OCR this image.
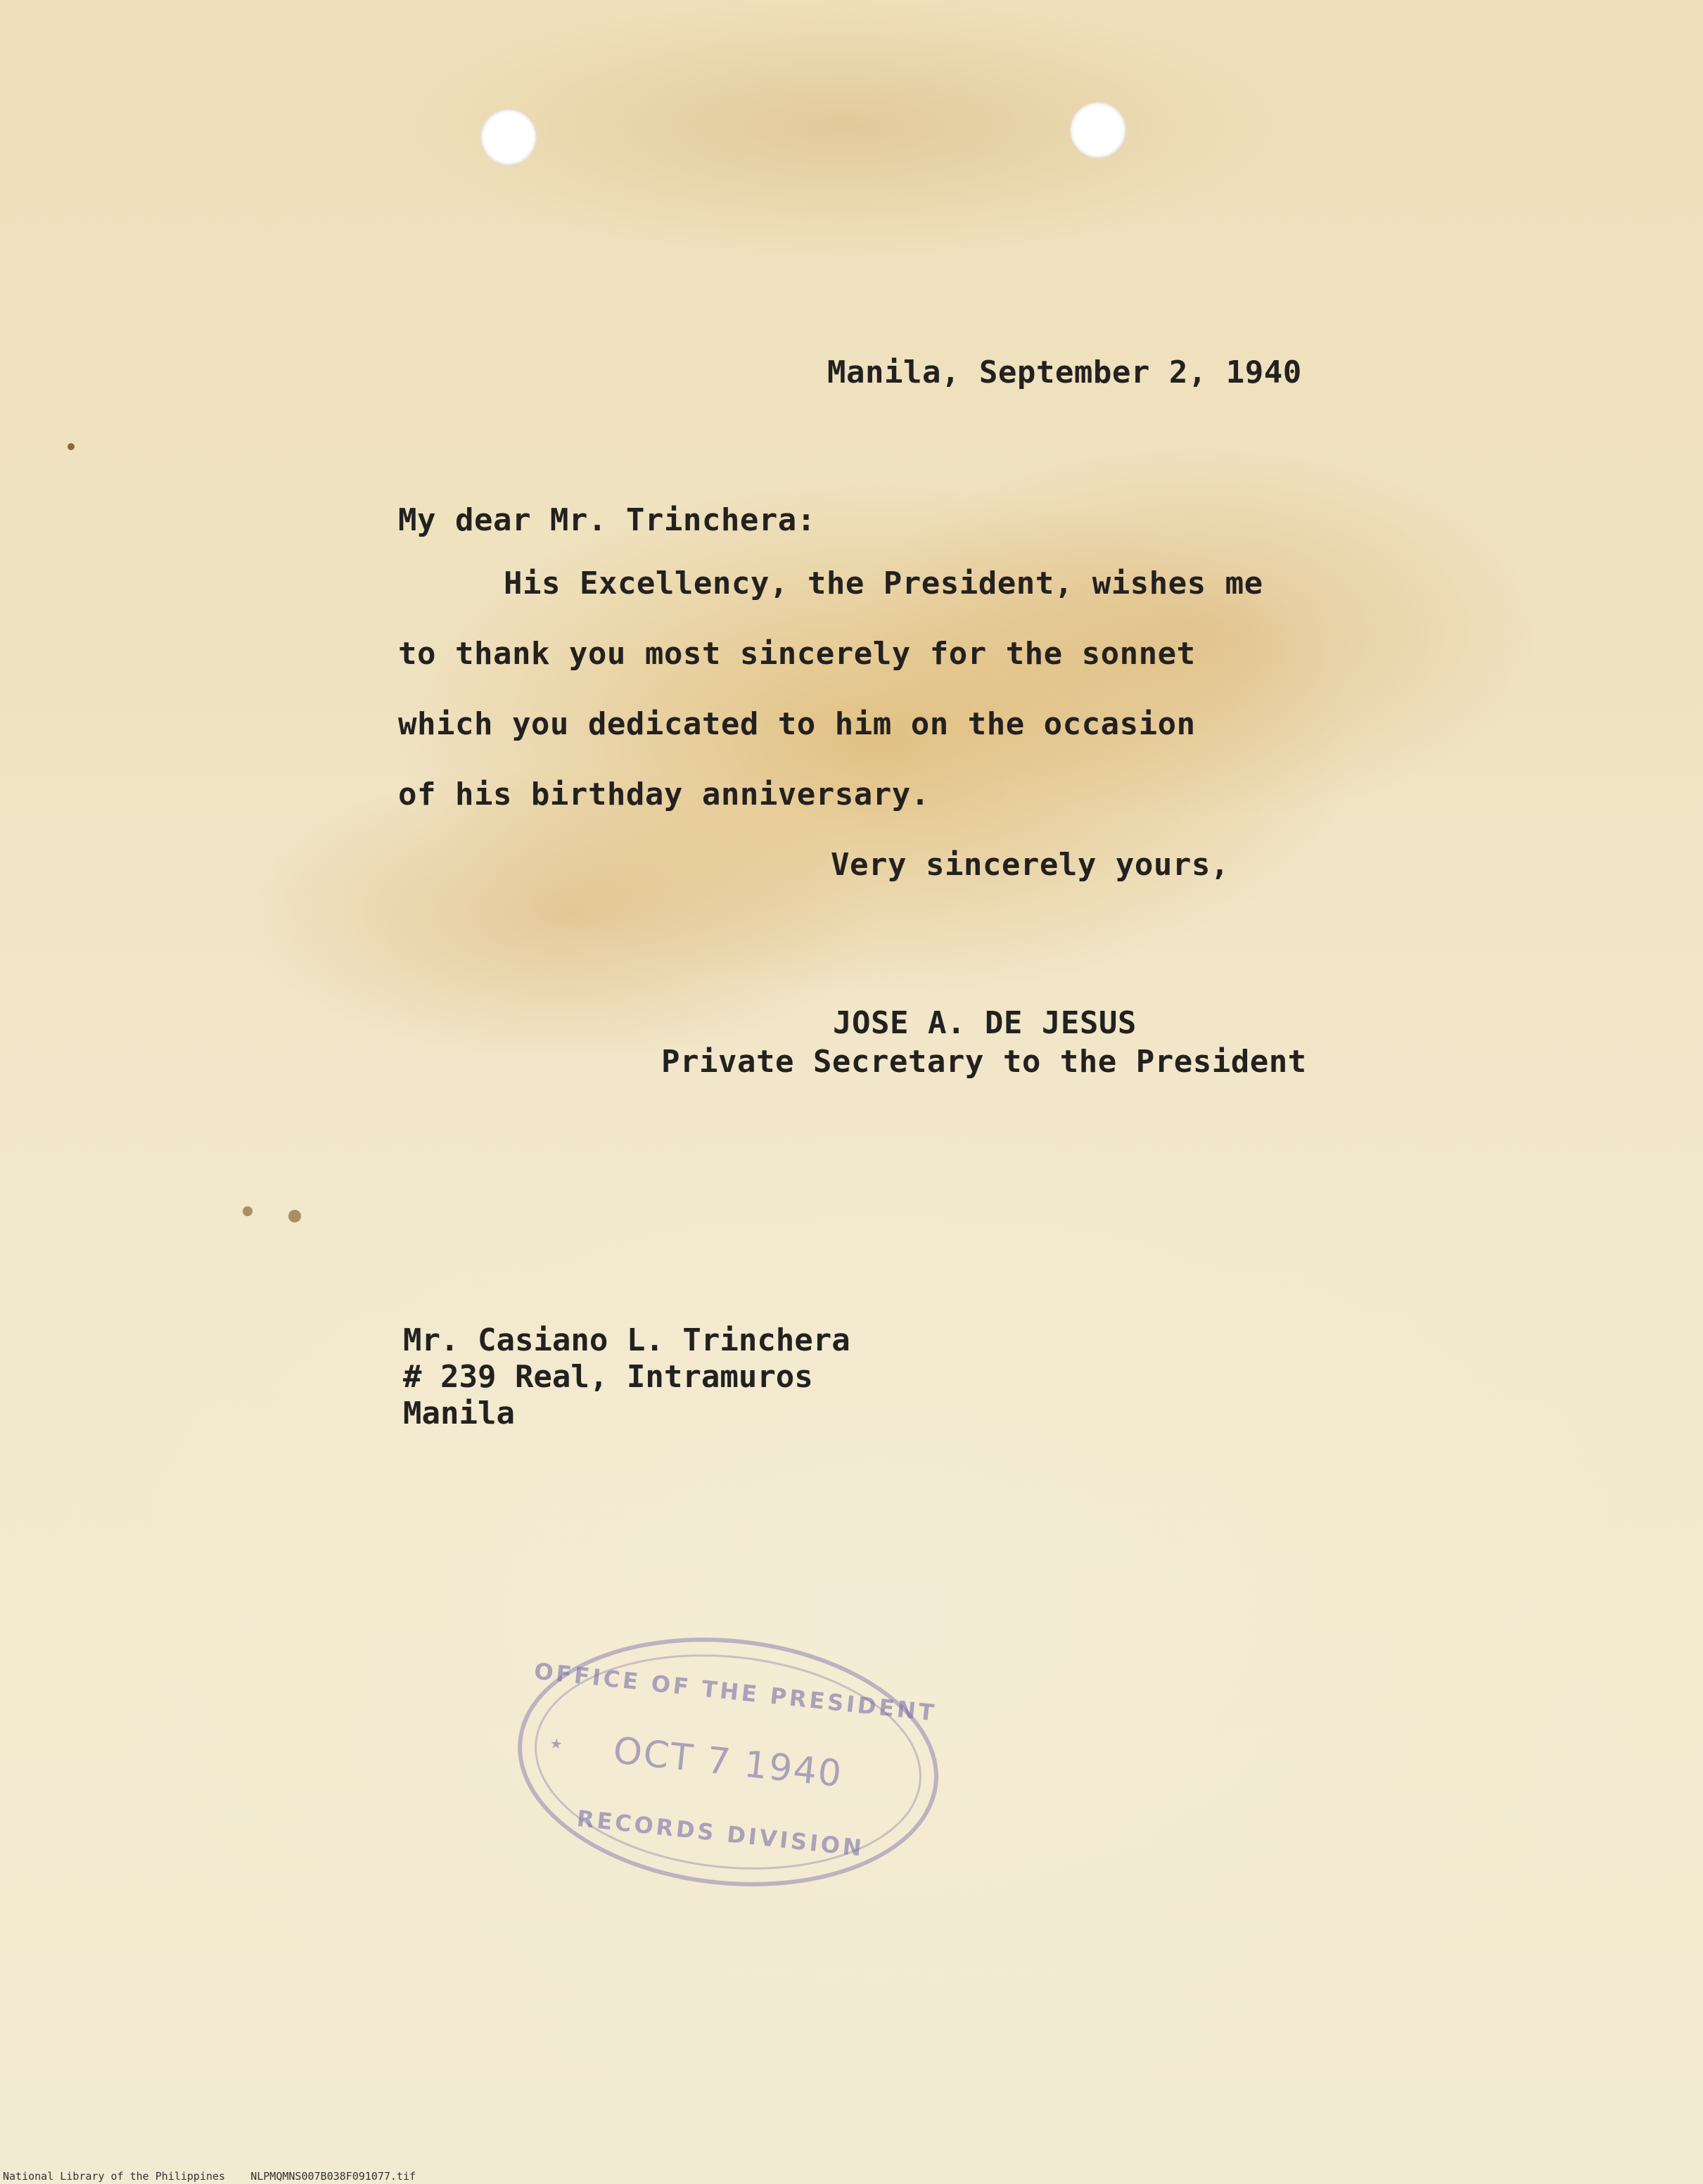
Manila, September 2, 1940
My dear Mr. Trinchera:
His Excellency, the President, wishes me
to thank you most sincerely for the sonnet
which you dedicated to him on the occasion
of his birthday anniversary.
Very sincerely yours,
JOSE A. DE JESUS
Private Secretary to the President
Mr. Casiano L. Trinchera
# 239 Real, Intramuros
Manila
OFFICE OF THE PRESIDENT
★	OCT 7 1940
RECORDS DIVISION
National Library of the Philippines NLPMQMNS007B038F091077.tif
